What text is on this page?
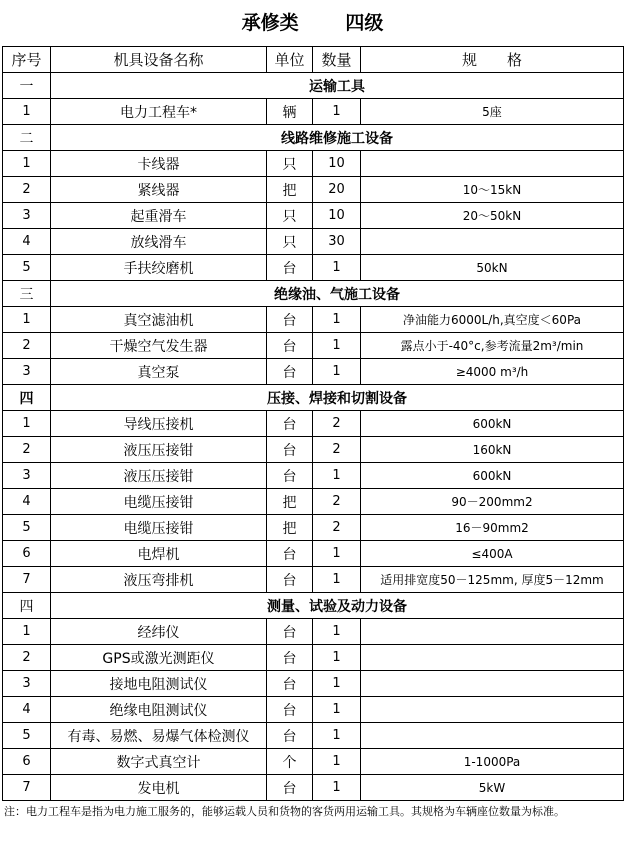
承修类 四级
序号	机具设备名称	单位	数量	规　　格
一	运输工具			
1	电力工程车*	辆	1	5座
二	线路维修施工设备			
1	卡线器	只	10	
2	紧线器	把	20	10～15kN
3	起重滑车	只	10	20～50kN
4	放线滑车	只	30	
5	手扶绞磨机	台	1	50kN
三	绝缘油、气施工设备			
1	真空滤油机	台	1	净油能力6000L/h,真空度＜60Pa
2	干燥空气发生器	台	1	露点小于-40°c,参考流量2m³/min
3	真空泵	台	1	≥4000 m³/h
四	压接、焊接和切割设备			
1	导线压接机	台	2	600kN
2	液压压接钳	台	2	160kN
3	液压压接钳	台	1	600kN
4	电缆压接钳	把	2	90－200mm2
5	电缆压接钳	把	2	16－90mm2
6	电焊机	台	1	≤400A
7	液压弯排机	台	1	适用排宽度50－125mm, 厚度5－12mm
四	测量、试验及动力设备			
1	经纬仪	台	1	
2	GPS或激光测距仪	台	1	
3	接地电阻测试仪	台	1	
4	绝缘电阻测试仪	台	1	
5	有毒、易燃、易爆气体检测仪	台	1	
6	数字式真空计	个	1	1-1000Pa
7	发电机	台	1	5kW
注：电力工程车是指为电力施工服务的，能够运载人员和货物的客货两用运输工具。其规格为车辆座位数量为标准。
